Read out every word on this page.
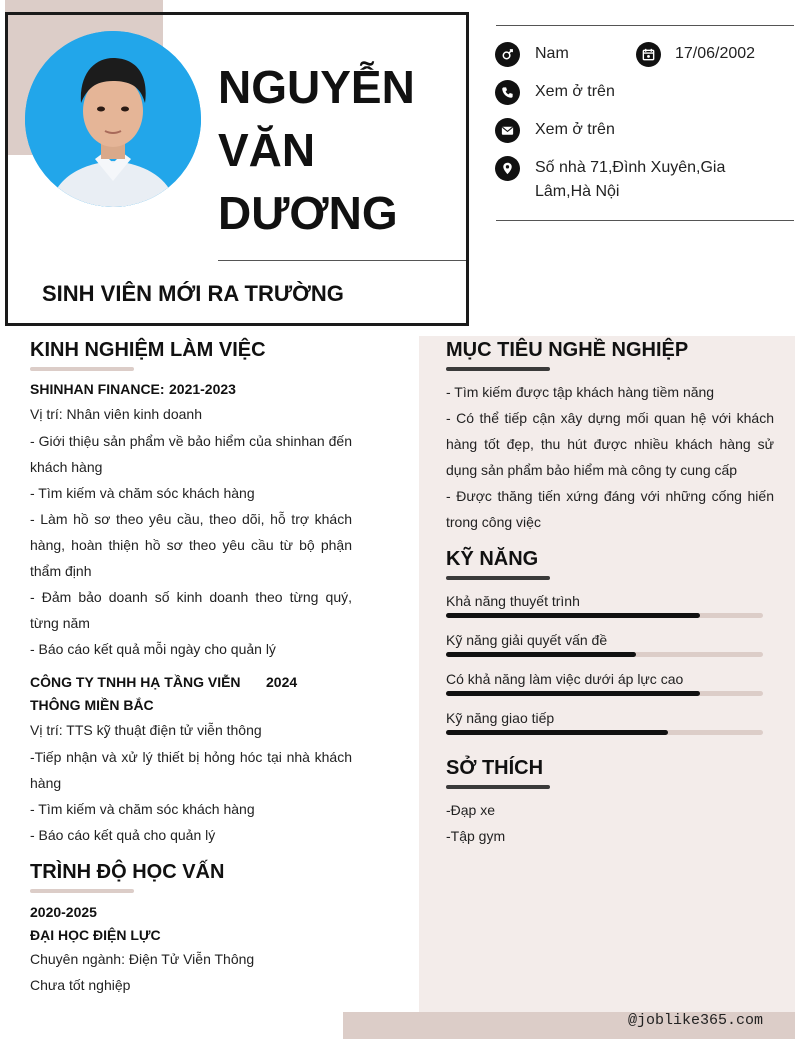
NGUYỄN
VĂN
DƯƠNG
SINH VIÊN MỚI RA TRƯỜNG
Nam	17/06/2002
Xem ở trên
Xem ở trên
Số nhà 71,Đình Xuyên,Gia Lâm,Hà Nội
KINH NGHIỆM LÀM VIỆC
SHINHAN FINANCE: 2021-2023
Vị trí: Nhân viên kinh doanh
- Giới thiệu sản phẩm về bảo hiểm của shinhan đến khách hàng
- Tìm kiếm và chăm sóc khách hàng
- Làm hồ sơ theo yêu cầu, theo dõi, hỗ trợ khách hàng, hoàn thiện hồ sơ theo yêu cầu từ bộ phận thẩm định
- Đảm bảo doanh số kinh doanh theo từng quý, từng năm
- Báo cáo kết quả mỗi ngày cho quản lý
CÔNG TY TNHH HẠ TẦNG VIỄN 2024
THÔNG MIỀN BẮC
Vị trí: TTS kỹ thuật điện tử viễn thông
-Tiếp nhận và xử lý thiết bị hỏng hóc tại nhà khách hàng
- Tìm kiếm và chăm sóc khách hàng
- Báo cáo kết quả cho quản lý
TRÌNH ĐỘ HỌC VẤN
2020-2025
ĐẠI HỌC ĐIỆN LỰC
Chuyên ngành: Điện Tử Viễn Thông
Chưa tốt nghiệp
MỤC TIÊU NGHỀ NGHIỆP
- Tìm kiếm được tập khách hàng tiềm năng
- Có thể tiếp cận xây dựng mối quan hệ với khách hàng tốt đẹp, thu hút được nhiều khách hàng sử dụng sản phẩm bảo hiểm mà công ty cung cấp
- Được thăng tiến xứng đáng với những cống hiến trong công việc
KỸ NĂNG
Khả năng thuyết trình
Kỹ năng giải quyết vấn đề
Có khả năng làm việc dưới áp lực cao
Kỹ năng giao tiếp
SỞ THÍCH
-Đạp xe
-Tập gym
@joblike365.com
